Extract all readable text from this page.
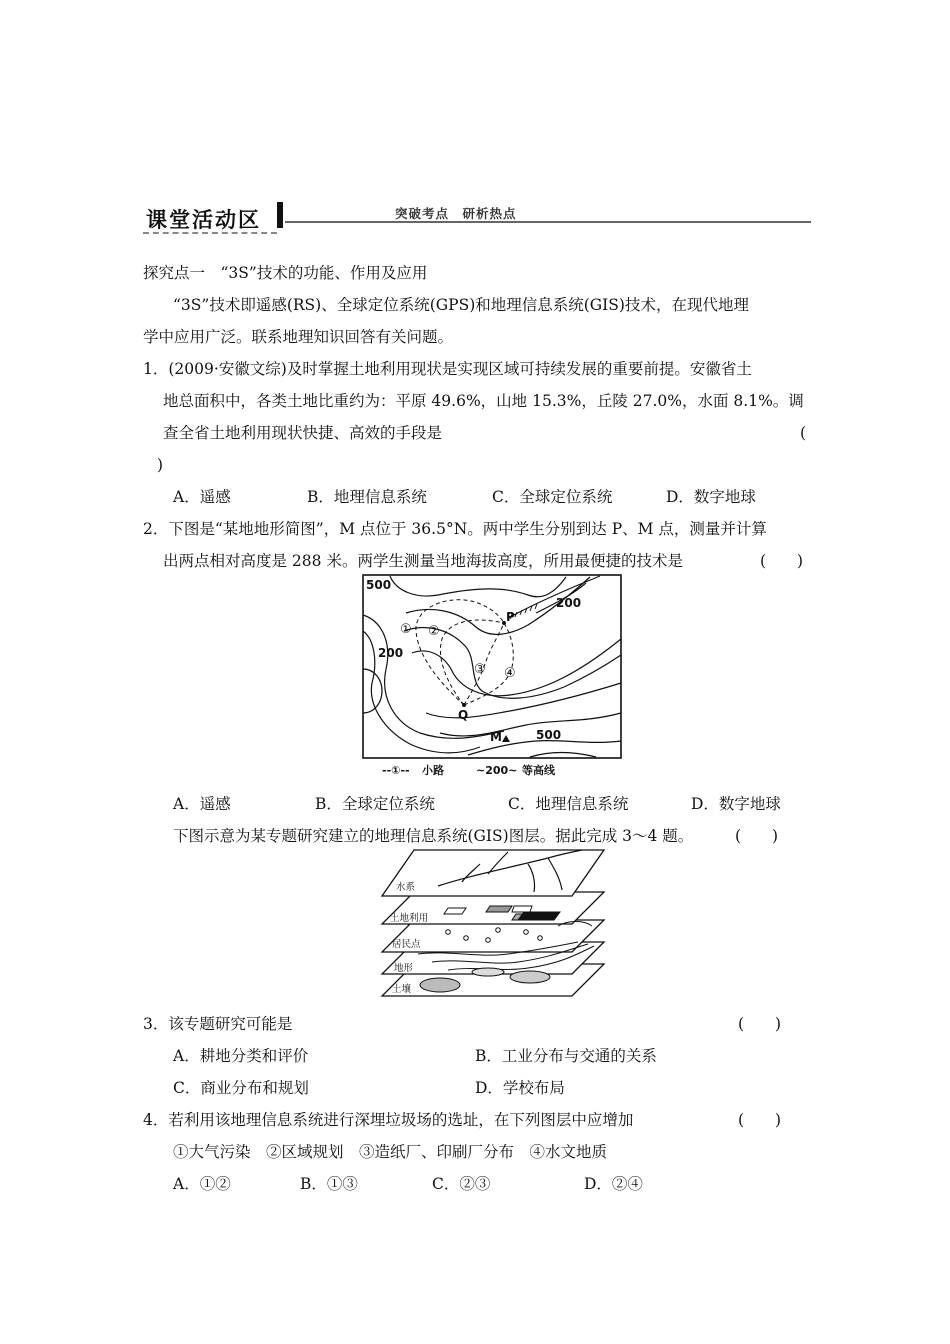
课堂活动区	突破考点　研析热点
探究点一　“3S”技术的功能、作用及应用
“3S”技术即遥感(RS)、全球定位系统(GPS)和地理信息系统(GIS)技术，在现代地理
学中应用广泛。联系地理知识回答有关问题。
1．(2009·安徽文综)及时掌握土地利用现状是实现区域可持续发展的重要前提。安徽省土
地总面积中，各类土地比重约为：平原 49.6%，山地 15.3%，丘陵 27.0%，水面 8.1%。调
查全省土地利用现状快捷、高效的手段是	(
)
A．遥感	B．地理信息系统	C．全球定位系统	D．数字地球
2．下图是“某地地形简图”，M 点位于 36.5°N。两中学生分别到达 P、M 点，测量并计算
出两点相对高度是 288 米。两学生测量当地海拔高度，所用最便捷的技术是	(　　)
500
200
200
500
P
Q
M
① ②
③ ④
--①-- 小路	~200~ 等高线
A．遥感	B．全球定位系统	C．地理信息系统	D．数字地球
下图示意为某专题研究建立的地理信息系统(GIS)图层。据此完成 3～4 题。	(　　)
水系
土地利用
居民点
地形
土壤
3．该专题研究可能是	(　　)
A．耕地分类和评价	B．工业分布与交通的关系
C．商业分布和规划	D．学校布局
4．若利用该地理信息系统进行深埋垃圾场的选址，在下列图层中应增加	(　　)
①大气污染　②区域规划　③造纸厂、印刷厂分布　④水文地质
A．①②	B．①③	C．②③	D．②④
